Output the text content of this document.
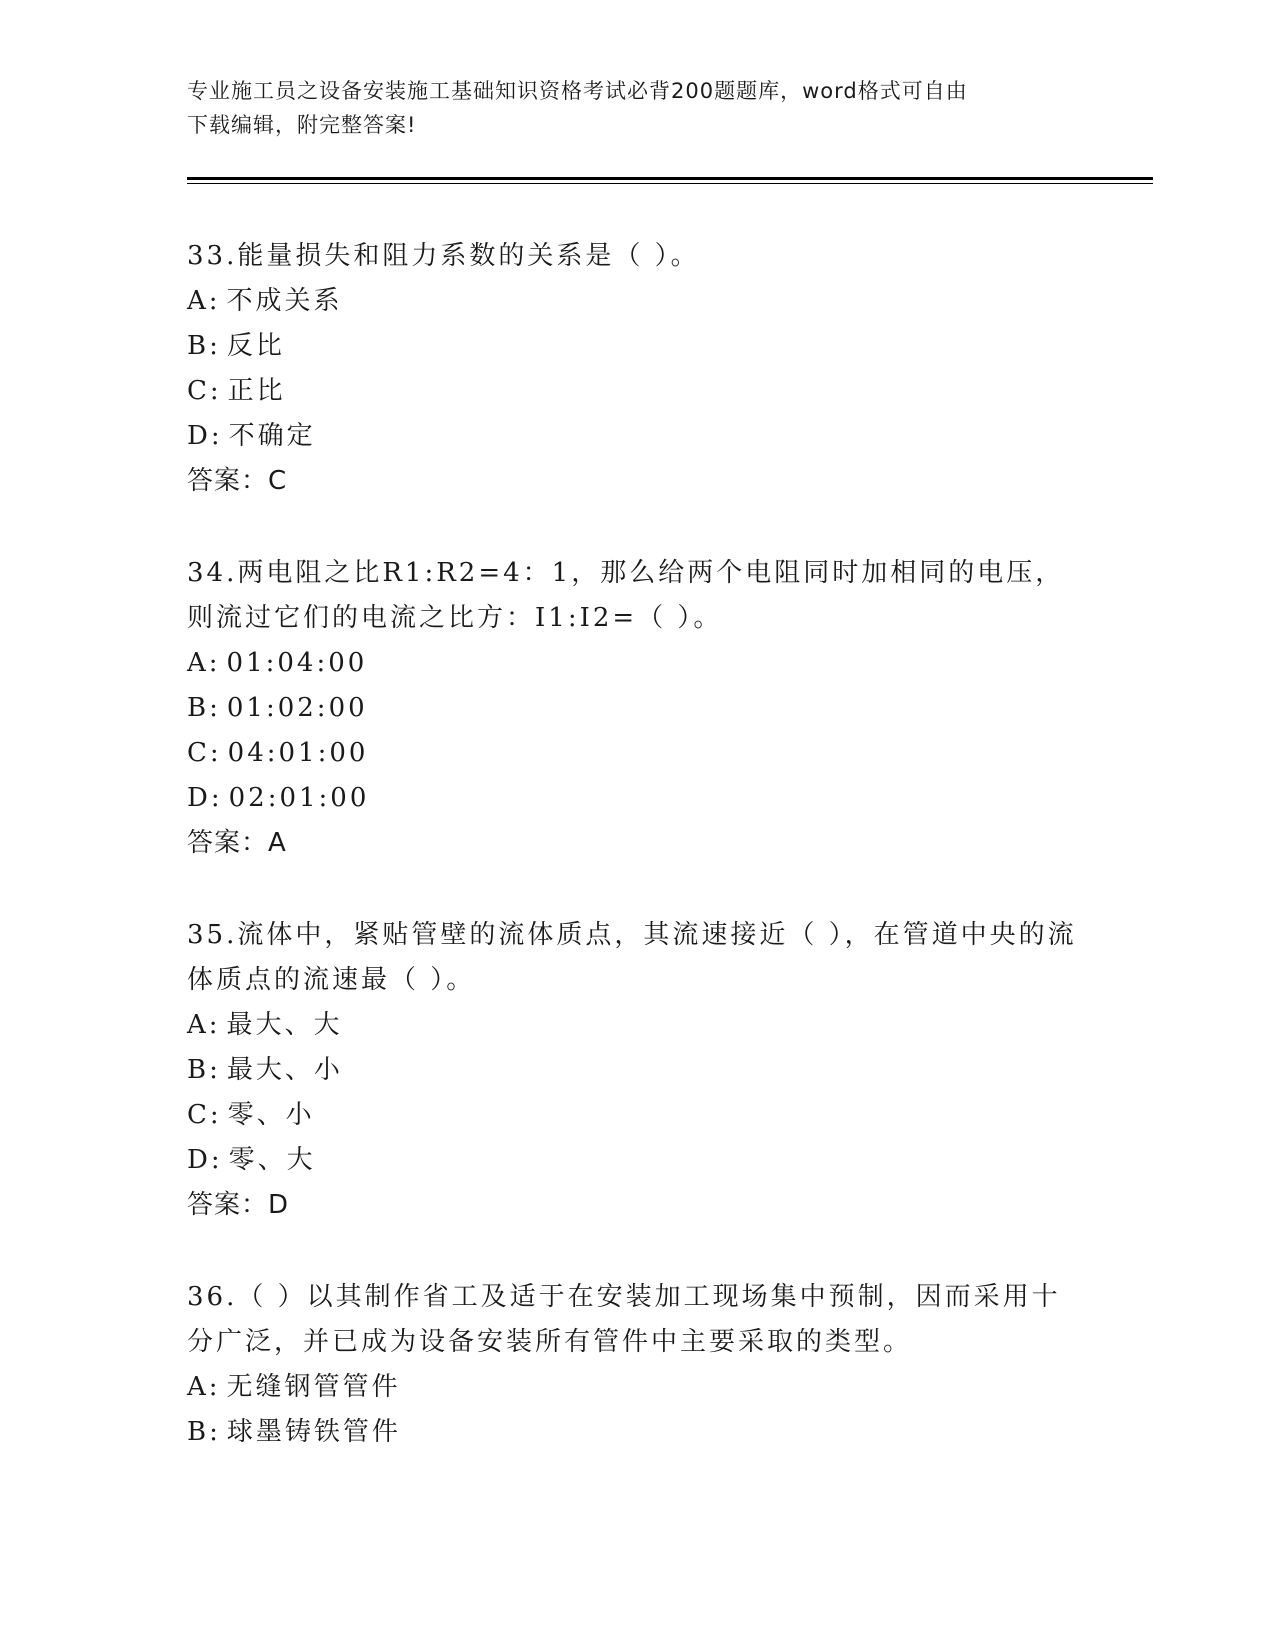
专业施工员之设备安装施工基础知识资格考试必背200题题库，word格式可自由
下载编辑，附完整答案!
33.能量损失和阻力系数的关系是（ ）。
A: 不成关系
B: 反比
C: 正比
D: 不确定
答案：C
34.两电阻之比R1:R2=4：1，那么给两个电阻同时加相同的电压，则流过它们的电流之比方：I1:I2=（ ）。
A: 01:04:00
B: 01:02:00
C: 04:01:00
D: 02:01:00
答案：A
35.流体中，紧贴管壁的流体质点，其流速接近（ ），在管道中央的流体质点的流速最（ ）。
A: 最大、大
B: 最大、小
C: 零、小
D: 零、大
答案：D
36.（ ）以其制作省工及适于在安装加工现场集中预制，因而采用十分广泛，并已成为设备安装所有管件中主要采取的类型。
A: 无缝钢管管件
B: 球墨铸铁管件
